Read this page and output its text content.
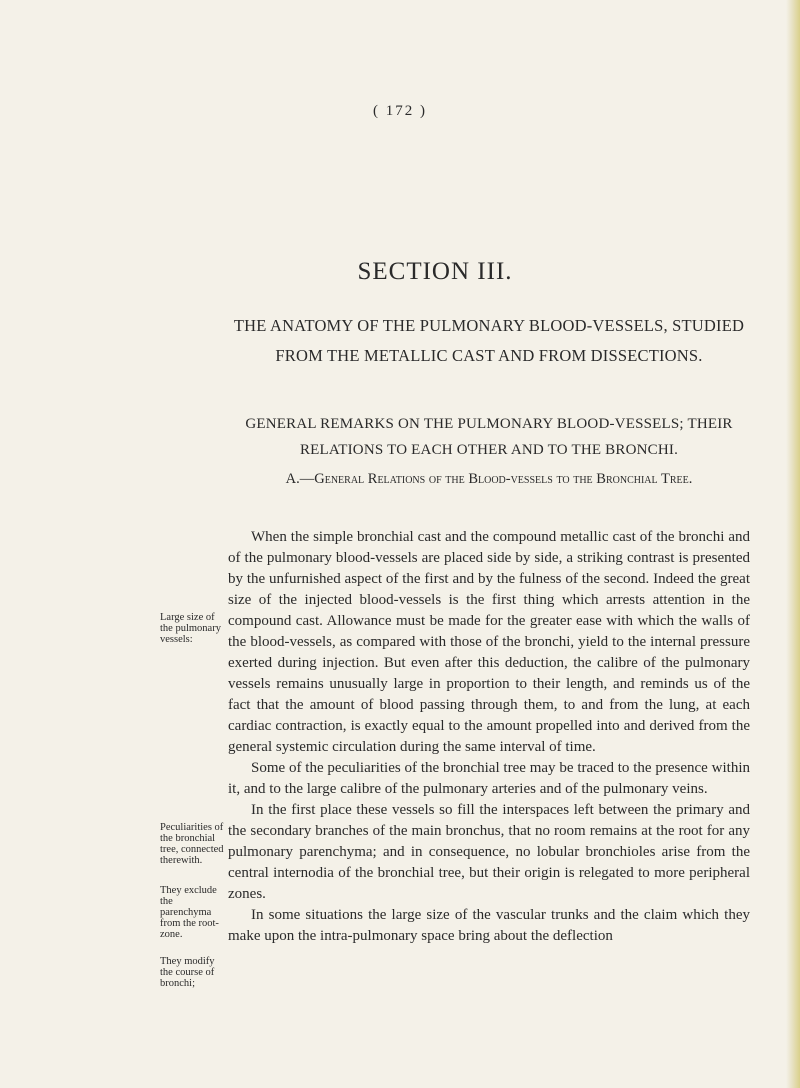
( 172 )
SECTION III.
THE ANATOMY OF THE PULMONARY BLOOD-VESSELS, STUDIED FROM THE METALLIC CAST AND FROM DISSECTIONS.
GENERAL REMARKS ON THE PULMONARY BLOOD-VESSELS; THEIR RELATIONS TO EACH OTHER AND TO THE BRONCHI.
A.—General Relations of the Blood-vessels to the Bronchial Tree.

When the simple bronchial cast and the compound metallic cast of the bronchi and of the pulmonary blood-vessels are placed side by side, a striking contrast is presented by the unfurnished aspect of the first and by the fulness of the second. Indeed the great size of the injected blood-vessels is the first thing which arrests attention in the compound cast. Allowance must be made for the greater ease with which the walls of the blood-vessels, as compared with those of the bronchi, yield to the internal pressure exerted during injection. But even after this deduction, the calibre of the pulmonary vessels remains unusually large in proportion to their length, and reminds us of the fact that the amount of blood passing through them, to and from the lung, at each cardiac contraction, is exactly equal to the amount propelled into and derived from the general systemic circulation during the same interval of time.

Some of the peculiarities of the bronchial tree may be traced to the presence within it, and to the large calibre of the pulmonary arteries and of the pulmonary veins.

In the first place these vessels so fill the interspaces left between the primary and the secondary branches of the main bronchus, that no room remains at the root for any pulmonary parenchyma; and in consequence, no lobular bronchioles arise from the central internodia of the bronchial tree, but their origin is relegated to more peripheral zones.

In some situations the large size of the vascular trunks and the claim which they make upon the intra-pulmonary space bring about the deflection

Large size of the pulmonary vessels:
Peculiarities of the bronchial tree, connected therewith.
They exclude the parenchyma from the root-zone.
They modify the course of bronchi;
